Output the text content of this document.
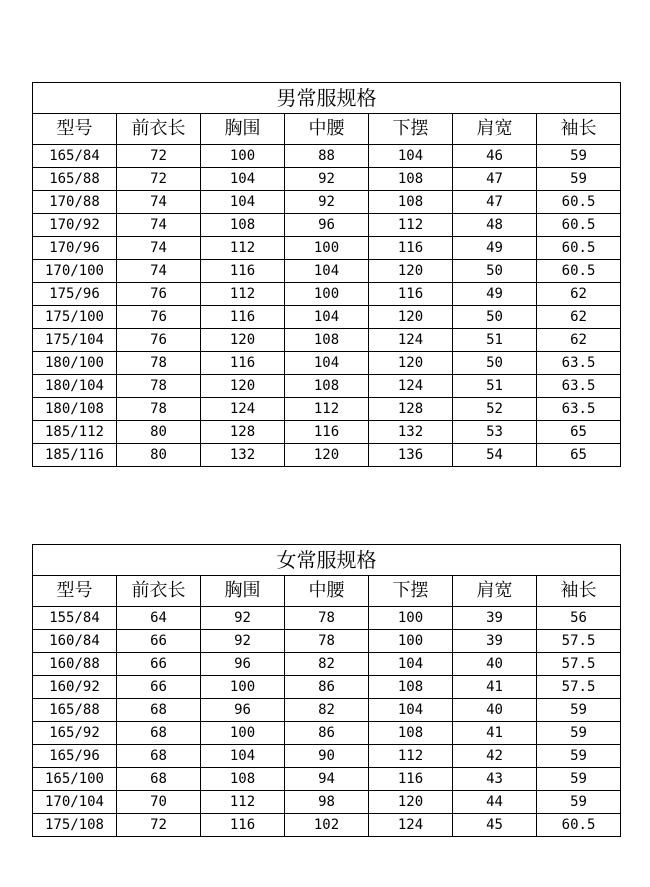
男常服规格						
型号	前衣长	胸围	中腰	下摆	肩宽	袖长
165/84	72	100	88	104	46	59
165/88	72	104	92	108	47	59
170/88	74	104	92	108	47	60.5
170/92	74	108	96	112	48	60.5
170/96	74	112	100	116	49	60.5
170/100	74	116	104	120	50	60.5
175/96	76	112	100	116	49	62
175/100	76	116	104	120	50	62
175/104	76	120	108	124	51	62
180/100	78	116	104	120	50	63.5
180/104	78	120	108	124	51	63.5
180/108	78	124	112	128	52	63.5
185/112	80	128	116	132	53	65
185/116	80	132	120	136	54	65
女常服规格						
型号	前衣长	胸围	中腰	下摆	肩宽	袖长
155/84	64	92	78	100	39	56
160/84	66	92	78	100	39	57.5
160/88	66	96	82	104	40	57.5
160/92	66	100	86	108	41	57.5
165/88	68	96	82	104	40	59
165/92	68	100	86	108	41	59
165/96	68	104	90	112	42	59
165/100	68	108	94	116	43	59
170/104	70	112	98	120	44	59
175/108	72	116	102	124	45	60.5
